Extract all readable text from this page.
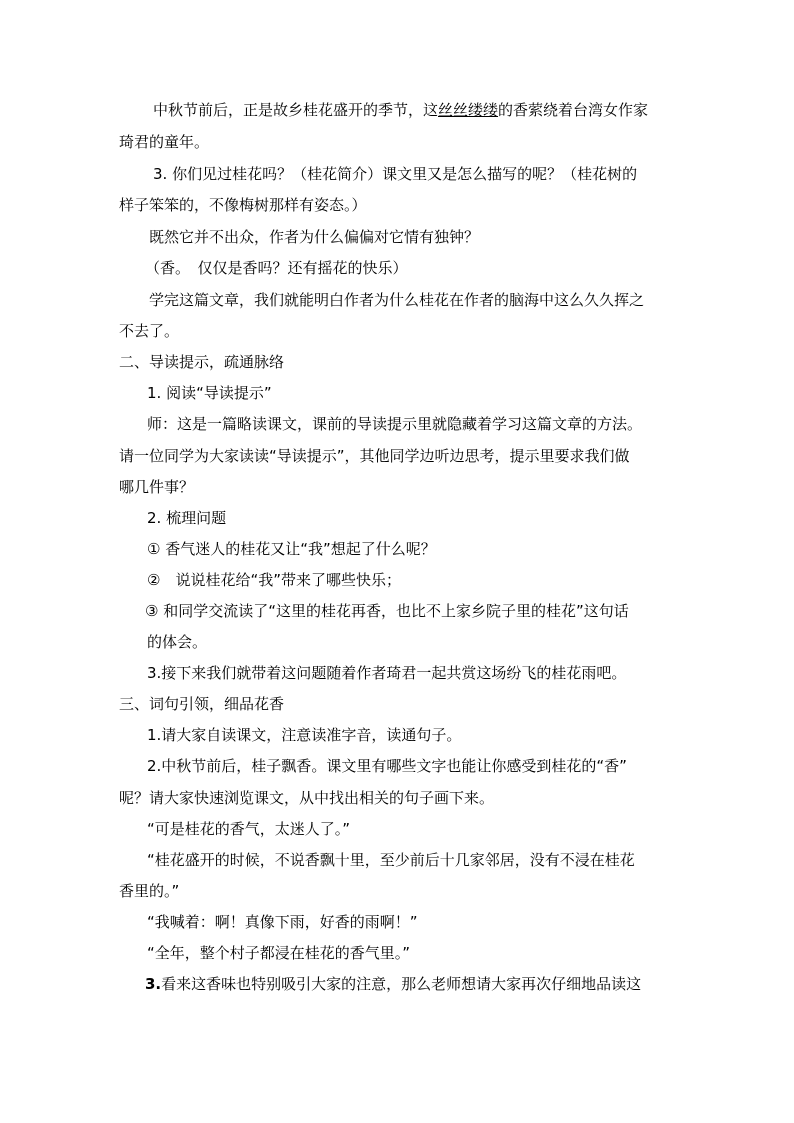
中秋节前后，正是故乡桂花盛开的季节，这丝丝缕缕的香萦绕着台湾女作家
琦君的童年。
3. 你们见过桂花吗？（桂花简介）课文里又是怎么描写的呢？（桂花树的
样子笨笨的，不像梅树那样有姿态。）
既然它并不出众，作者为什么偏偏对它情有独钟？
（香。　仅仅是香吗？还有摇花的快乐）
学完这篇文章，我们就能明白作者为什么桂花在作者的脑海中这么久久挥之
不去了。
二、导读提示，疏通脉络
1. 阅读“导读提示”
师：这是一篇略读课文，课前的导读提示里就隐藏着学习这篇文章的方法。
请一位同学为大家读读“导读提示”，其他同学边听边思考，提示里要求我们做
哪几件事？
2. 梳理问题
① 香气迷人的桂花又让“我”想起了什么呢？
②　说说桂花给“我”带来了哪些快乐；
③ 和同学交流读了“这里的桂花再香，也比不上家乡院子里的桂花”这句话
的体会。
3.接下来我们就带着这问题随着作者琦君一起共赏这场纷飞的桂花雨吧。
三、词句引领，细品花香
1.请大家自读课文，注意读准字音，读通句子。
2.中秋节前后，桂子飘香。课文里有哪些文字也能让你感受到桂花的“香”
呢？请大家快速浏览课文，从中找出相关的句子画下来。
“可是桂花的香气，太迷人了。”
“桂花盛开的时候，不说香飘十里，至少前后十几家邻居，没有不浸在桂花
香里的。”
“我喊着：啊！真像下雨，好香的雨啊！”
“全年，整个村子都浸在桂花的香气里。”
3.看来这香味也特别吸引大家的注意，那么老师想请大家再次仔细地品读这
